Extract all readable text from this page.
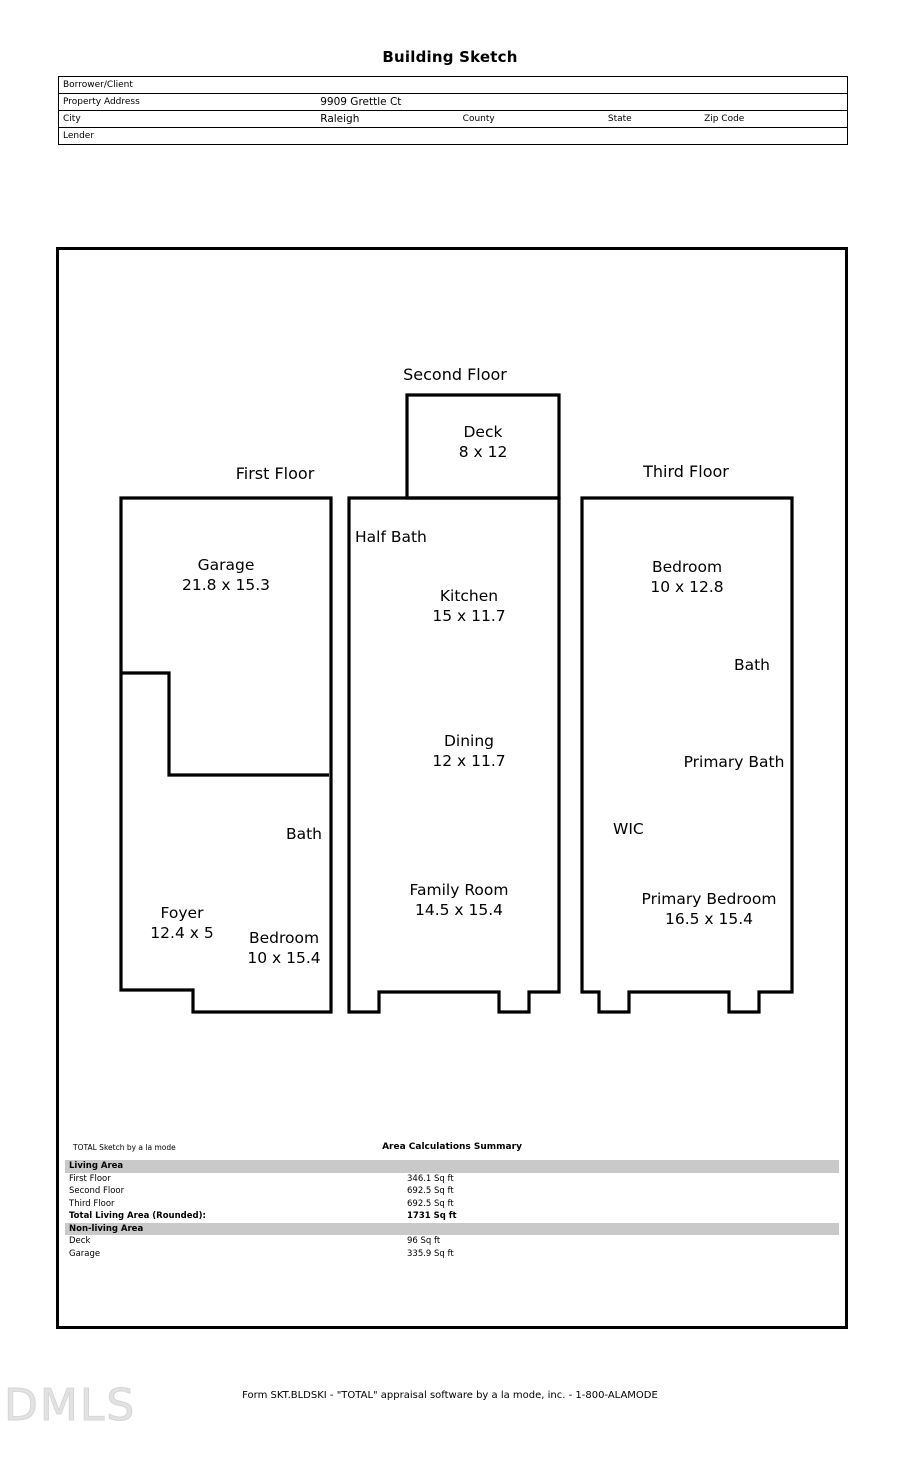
Building Sketch
Borrower/Client					
Property Address	9909 Grettle Ct				
City	Raleigh	County		State	Zip Code
Lender					
First Floor
Second Floor
Third Floor
Garage
21.8 x 15.3
Bath
Foyer
12.4 x 5	Bedroom
10 x 15.4
Deck
8 x 12
Half Bath
Kitchen
15 x 11.7
Dining
12 x 11.7
Family Room
14.5 x 15.4
Bedroom
10 x 12.8
Bath
Primary Bath
WIC
Primary Bedroom
16.5 x 15.4
TOTAL Sketch by a la mode	Area Calculations Summary
Living Area		
First Floor	346.1 Sq ft	
Second Floor	692.5 Sq ft	
Third Floor	692.5 Sq ft	
Total Living Area (Rounded):	1731 Sq ft	
Non-living Area		
Deck	96 Sq ft	
Garage	335.9 Sq ft	
DMLS	Form SKT.BLDSKI - "TOTAL" appraisal software by a la mode, inc. - 1-800-ALAMODE
